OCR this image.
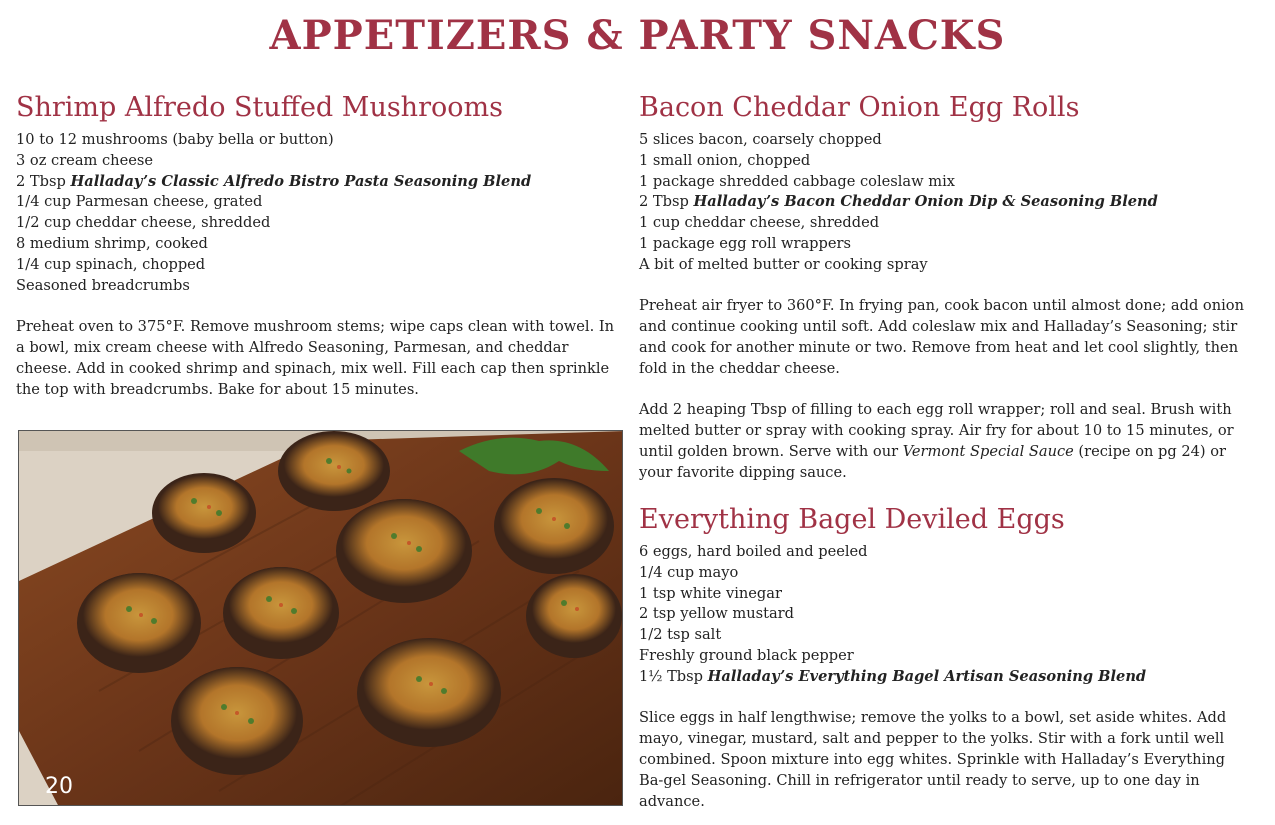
APPETIZERS & PARTY SNACKS
Shrimp Alfredo Stuffed Mushrooms
10 to 12 mushrooms (baby bella or button)
3 oz cream cheese
2 Tbsp Halladay’s Classic Alfredo Bistro Pasta Seasoning Blend
1/4 cup Parmesan cheese, grated
1/2 cup cheddar cheese, shredded
8 medium shrimp, cooked
1/4 cup spinach, chopped
Seasoned breadcrumbs

Preheat oven to 375°F. Remove mushroom stems; wipe caps clean with towel. In a bowl, mix cream cheese with Alfredo Seasoning, Parmesan, and cheddar cheese. Add in cooked shrimp and spinach, mix well. Fill each cap then sprinkle the top with breadcrumbs. Bake for about 15 minutes.

20
Bacon Cheddar Onion Egg Rolls
5 slices bacon, coarsely chopped
1 small onion, chopped
1 package shredded cabbage coleslaw mix
2 Tbsp Halladay’s Bacon Cheddar Onion Dip & Seasoning Blend
1 cup cheddar cheese, shredded
1 package egg roll wrappers
A bit of melted butter or cooking spray

Preheat air fryer to 360°F. In frying pan, cook bacon until almost done; add onion and continue cooking until soft. Add coleslaw mix and Halladay’s Seasoning; stir and cook for another minute or two. Remove from heat and let cool slightly, then fold in the cheddar cheese.

Add 2 heaping Tbsp of filling to each egg roll wrapper; roll and seal. Brush with melted butter or spray with cooking spray. Air fry for about 10 to 15 minutes, or until golden brown. Serve with our Vermont Special Sauce (recipe on pg 24) or your favorite dipping sauce.

Everything Bagel Deviled Eggs
6 eggs, hard boiled and peeled
1/4 cup mayo
1 tsp white vinegar
2 tsp yellow mustard
1/2 tsp salt
Freshly ground black pepper
1½ Tbsp Halladay’s Everything Bagel Artisan Seasoning Blend

Slice eggs in half lengthwise; remove the yolks to a bowl, set aside whites. Add mayo, vinegar, mustard, salt and pepper to the yolks. Stir with a fork until well combined. Spoon mixture into egg whites. Sprinkle with Halladay’s Everything Ba-gel Seasoning. Chill in refrigerator until ready to serve, up to one day in advance.
